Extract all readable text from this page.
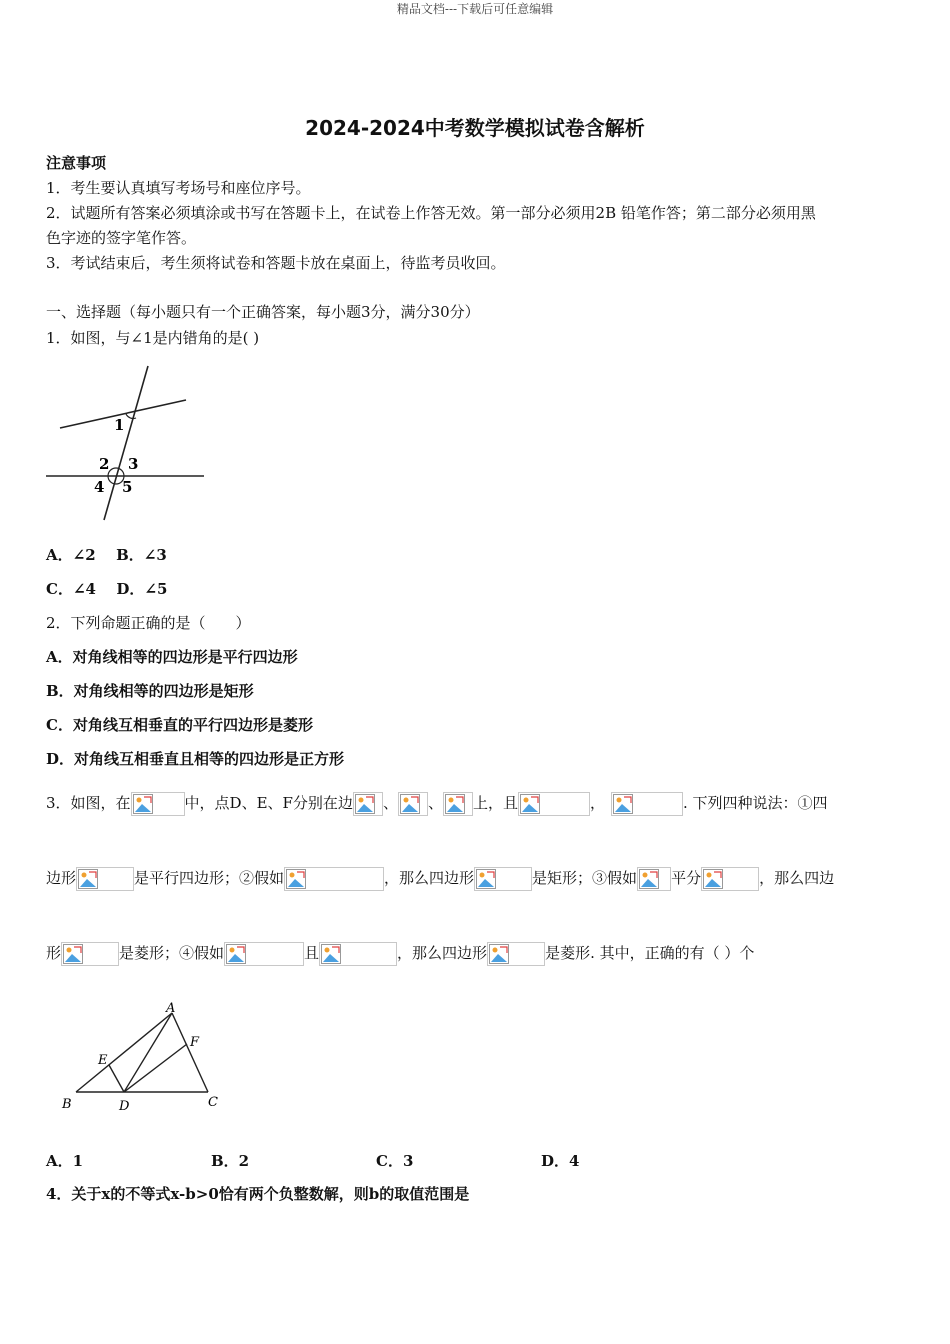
精品文档---下载后可任意编辑
2024-2024中考数学模拟试卷含解析
注意事项
1．考生要认真填写考场号和座位序号。
2．试题所有答案必须填涂或书写在答题卡上，在试卷上作答无效。第一部分必须用2B 铅笔作答；第二部分必须用黑
色字迹的签字笔作答。
3．考试结束后，考生须将试卷和答题卡放在桌面上，待监考员收回。
一、选择题（每小题只有一个正确答案，每小题3分，满分30分）
1．如图，与∠1是内错角的是( )
1
2 3
4 5
A．∠2 B．∠3
C．∠4 D．∠5
2．下列命题正确的是（　　）
A．对角线相等的四边形是平行四边形
B．对角线相等的四边形是矩形
C．对角线互相垂直的平行四边形是菱形
D．对角线互相垂直且相等的四边形是正方形
3．如图，在	中，点D、E、F分别在边 、 、 上，且	，	. 下列四种说法：①四
边形	是平行四边形；②假如	，那么四边形	是矩形；③假如 平分	，那么四边
形	是菱形；④假如	且	，那么四边形	是菱形. 其中，正确的有（ ）个
A
E
F
B	D	C
A．1	B．2	C．3	D．4
4．关于x的不等式x-b>0恰有两个负整数解，则b的取值范围是
